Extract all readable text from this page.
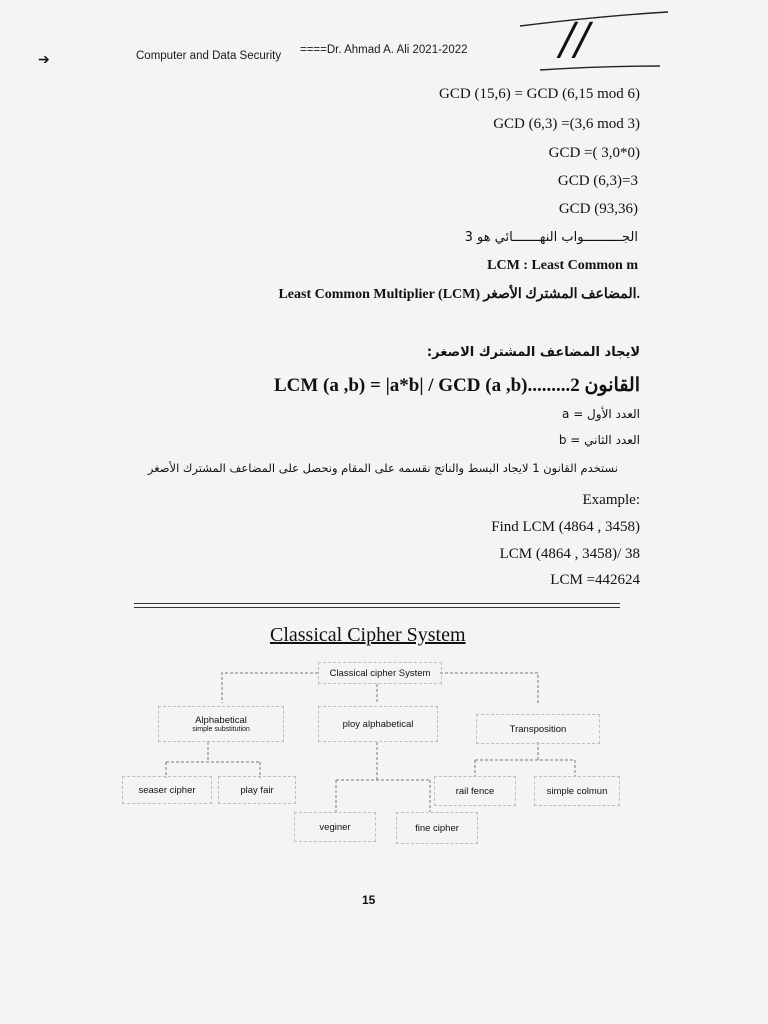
➔	Computer and Data Security ====Dr. Ahmad A. Ali 2021-2022 //
GCD (15,6) = GCD (6,15 mod 6)
GCD (6,3) =(3,6 mod 3)
GCD =( 3,0*0)
GCD (6,3)=3
GCD (93,36)
الجــــــــــواب النهـــــــائي هو 3
LCM : Least Common m
Least Common Multiplier (LCM) المضاعف المشترك الأصغر.
لايجاد المضاعف المشترك الاصغر:
LCM (a ,b) = |a*b| / GCD (a ,b).........2 القانون
العدد الأول = a
العدد الثاني = b
نستخدم القانون 1 لايجاد البسط والناتج نقسمه على المقام ونحصل على المضاعف المشترك الأصغر
Example:
Find LCM (4864 , 3458)
LCM (4864 , 3458)/ 38
LCM =442624
Classical Cipher System
Classical cipher System
Alphabetical
simple substitution	ploy alphabetical	Transposition
seaser cipher	play fair	rail fence	simple colmun
veginer	fine cipher
15
